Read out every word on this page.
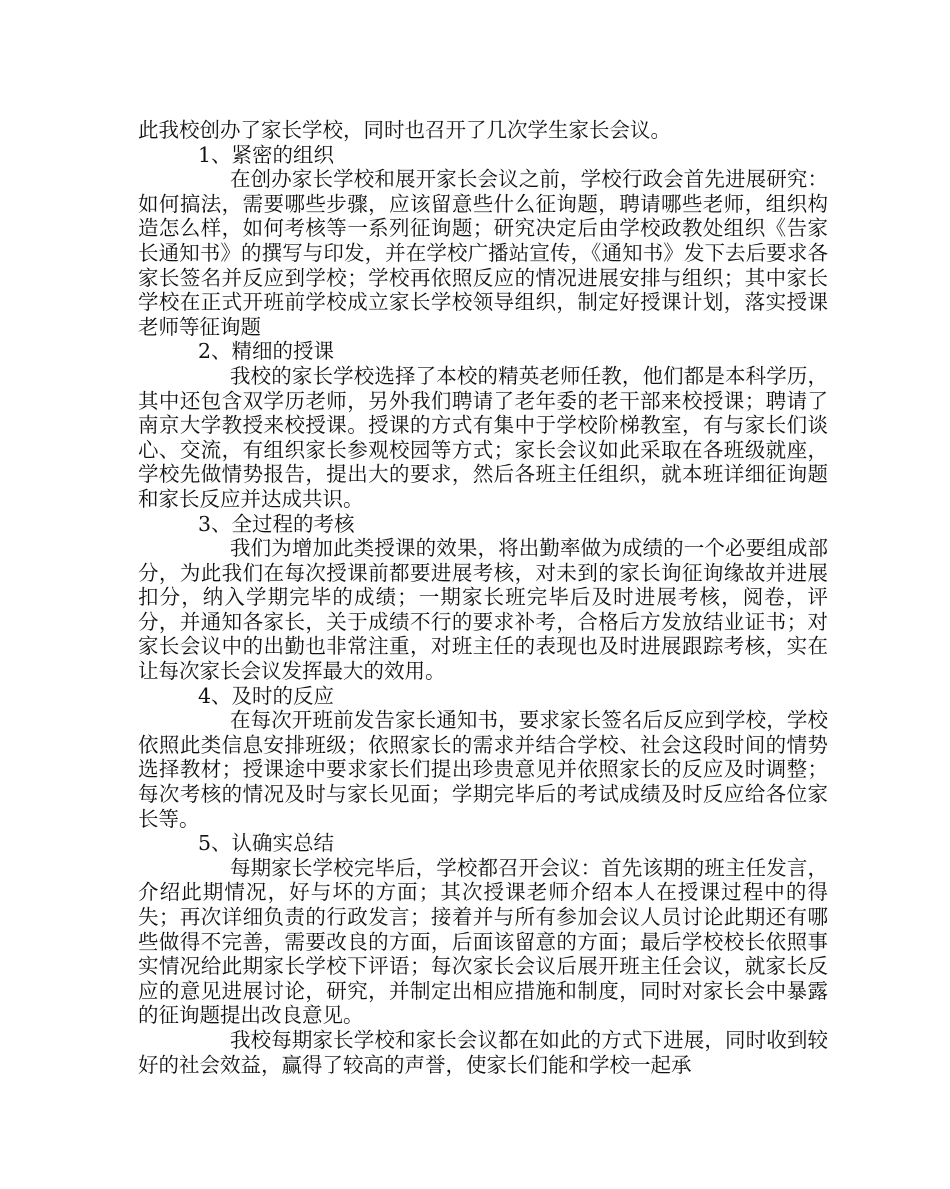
此我校创办了家长学校，同时也召开了几次学生家长会议。

1、紧密的组织

在创办家长学校和展开家长会议之前，学校行政会首先进展研究：如何搞法，需要哪些步骤，应该留意些什么征询题，聘请哪些老师，组织构造怎么样，如何考核等一系列征询题；研究决定后由学校政教处组织《告家长通知书》的撰写与印发，并在学校广播站宣传，《通知书》发下去后要求各家长签名并反应到学校；学校再依照反应的情况进展安排与组织；其中家长学校在正式开班前学校成立家长学校领导组织，制定好授课计划，落实授课老师等征询题

2、精细的授课

我校的家长学校选择了本校的精英老师任教，他们都是本科学历，其中还包含双学历老师，另外我们聘请了老年委的老干部来校授课；聘请了南京大学教授来校授课。授课的方式有集中于学校阶梯教室，有与家长们谈心、交流，有组织家长参观校园等方式；家长会议如此采取在各班级就座，学校先做情势报告，提出大的要求，然后各班主任组织，就本班详细征询题和家长反应并达成共识。

3、全过程的考核

我们为增加此类授课的效果，将出勤率做为成绩的一个必要组成部分，为此我们在每次授课前都要进展考核，对未到的家长询征询缘故并进展扣分，纳入学期完毕的成绩；一期家长班完毕后及时进展考核，阅卷，评分，并通知各家长，关于成绩不行的要求补考，合格后方发放结业证书；对家长会议中的出勤也非常注重，对班主任的表现也及时进展跟踪考核，实在让每次家长会议发挥最大的效用。

4、及时的反应

在每次开班前发告家长通知书，要求家长签名后反应到学校，学校依照此类信息安排班级；依照家长的需求并结合学校、社会这段时间的情势选择教材；授课途中要求家长们提出珍贵意见并依照家长的反应及时调整；每次考核的情况及时与家长见面；学期完毕后的考试成绩及时反应给各位家长等。

5、认确实总结

每期家长学校完毕后，学校都召开会议：首先该期的班主任发言，介绍此期情况，好与坏的方面；其次授课老师介绍本人在授课过程中的得失；再次详细负责的行政发言；接着并与所有参加会议人员讨论此期还有哪些做得不完善，需要改良的方面，后面该留意的方面；最后学校校长依照事实情况给此期家长学校下评语；每次家长会议后展开班主任会议，就家长反应的意见进展讨论，研究，并制定出相应措施和制度，同时对家长会中暴露的征询题提出改良意见。

我校每期家长学校和家长会议都在如此的方式下进展，同时收到较好的社会效益，赢得了较高的声誉，使家长们能和学校一起承
